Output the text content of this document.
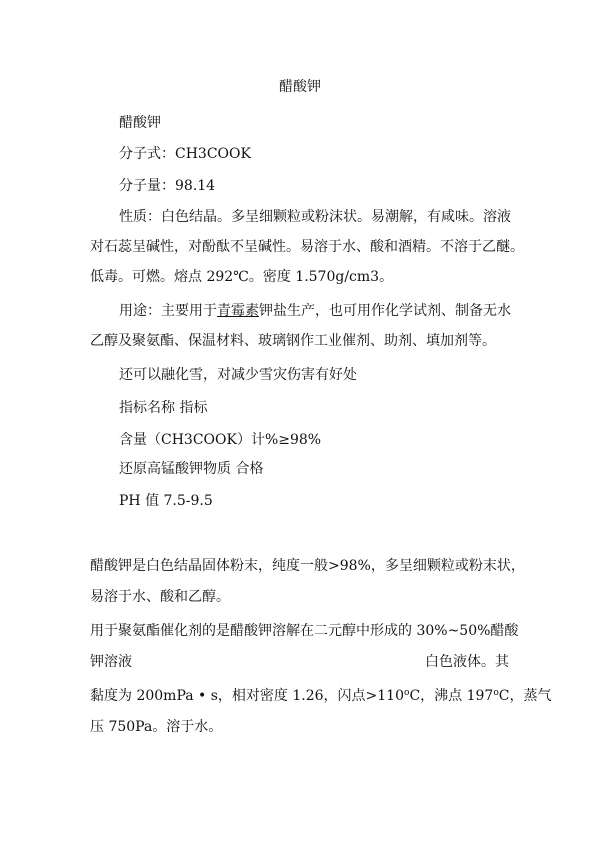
醋酸钾
醋酸钾
分子式：CH3COOK
分子量：98.14
性质：白色结晶。多呈细颗粒或粉沫状。易潮解，有咸味。溶液
对石蕊呈碱性，对酚酞不呈碱性。易溶于水、酸和酒精。不溶于乙醚。
低毒。可燃。熔点 292℃。密度 1.570g/cm3。
用途：主要用于青霉素钾盐生产，也可用作化学试剂、制备无水
乙醇及聚氨酯、保温材料、玻璃钢作工业催剂、助剂、填加剂等。
还可以融化雪，对减少雪灾伤害有好处
指标名称 指标
含量（CH3COOK）计%≥98%
还原高锰酸钾物质 合格
PH 值 7.5-9.5
醋酸钾是白色结晶固体粉末，纯度一般>98%，多呈细颗粒或粉末状，
易溶于水、酸和乙醇。
用于聚氨酯催化剂的是醋酸钾溶解在二元醇中形成的 30%~50%醋酸
钾溶液	白色液体。其
黏度为 200mPa • s，相对密度 1.26，闪点$>110^oC$，沸点 197$^o$C，蒸气
压 750Pa。溶于水。
